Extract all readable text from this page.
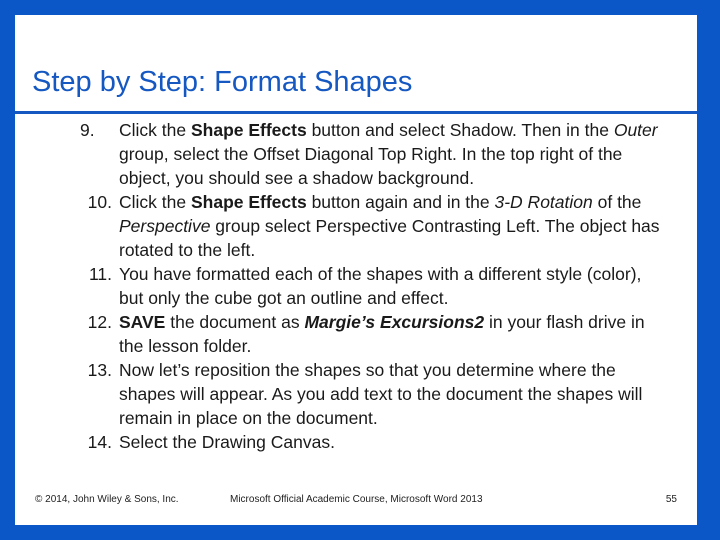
Step by Step: Format Shapes
9.	Click the Shape Effects button and select Shadow. Then in the Outer group, select the Offset Diagonal Top Right. In the top right of the object, you should see a shadow background.
10. Click the Shape Effects button again and in the 3-D Rotation of the Perspective group select Perspective Contrasting Left. The object has rotated to the left.
11. You have formatted each of the shapes with a different style (color), but only the cube got an outline and effect.
12. SAVE the document as Margie’s Excursions2 in your flash drive in the lesson folder.
13. Now let’s reposition the shapes so that you determine where the shapes will appear. As you add text to the document the shapes will remain in place on the document.
14. Select the Drawing Canvas.
© 2014, John Wiley & Sons, Inc.	Microsoft Official Academic Course, Microsoft Word 2013	55
